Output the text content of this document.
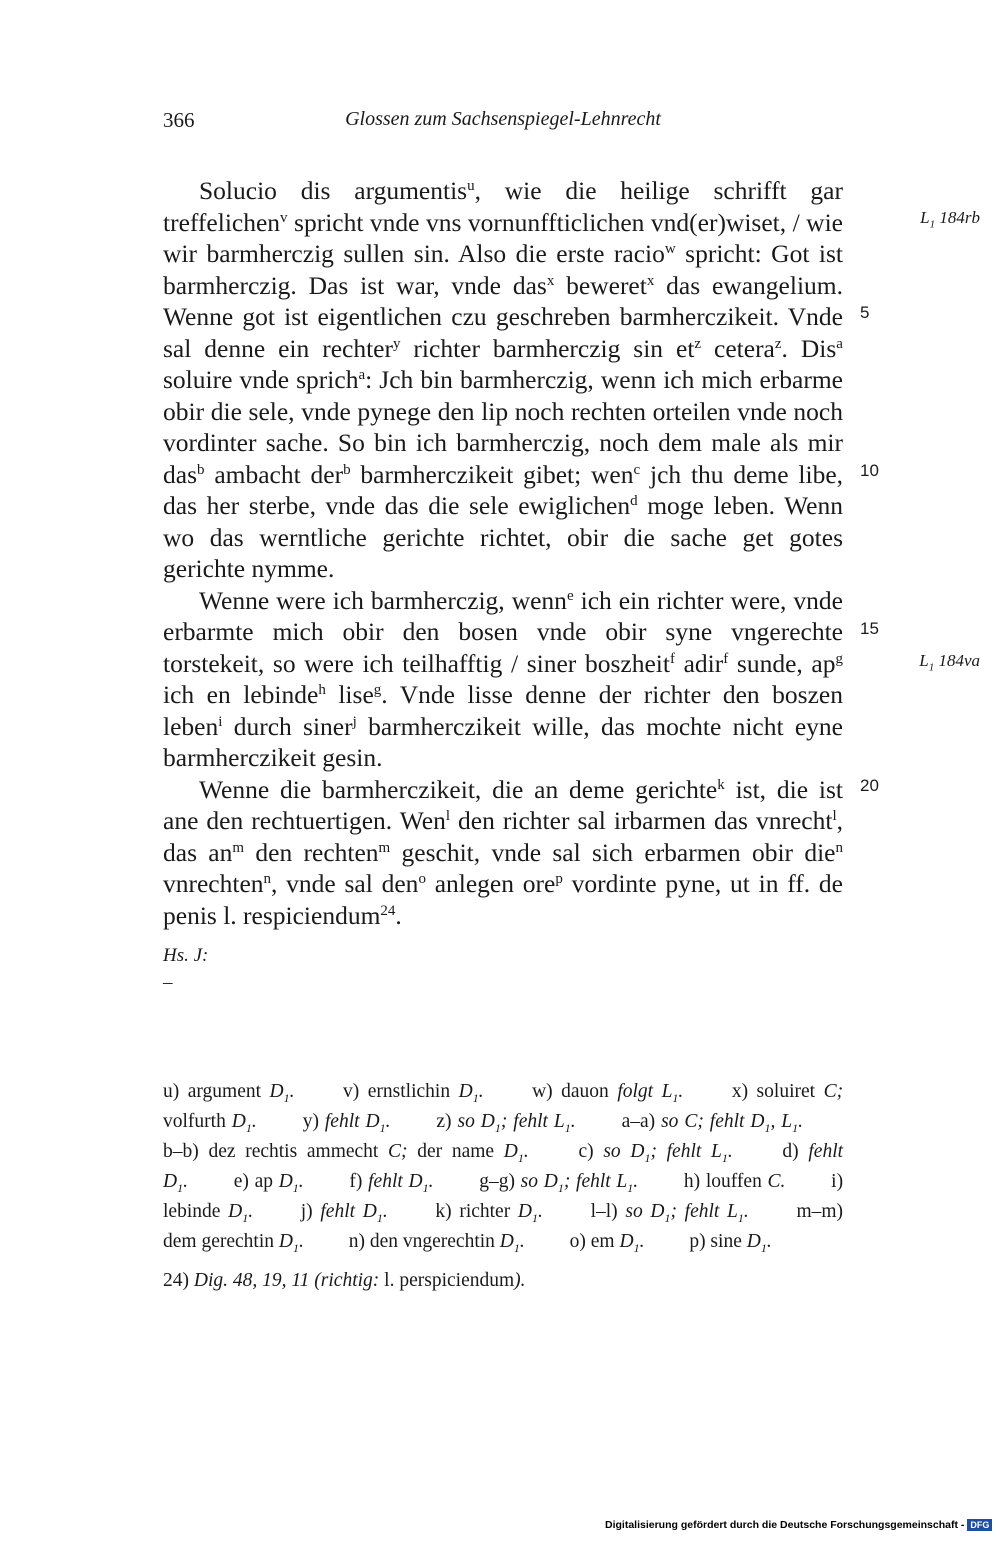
366	Glossen zum Sachsenspiegel-Lehnrecht

Solucio dis argumentis$^u$, wie die heilige schrifft gar treffelichen$^v$ spricht vnde vns vornunffticlichen vnd(er)wiset, / wie wir barmherczig sullen sin. Also die erste racio$^w$ spricht: Got ist barmherczig. Das ist war, vnde das$^x$ beweret$^x$ das ewangelium. Wenne got ist eigentlichen czu geschreben barmherczikeit. Vnde sal denne ein rechter$^y$ richter barmherczig $\sin et^z$ cetera$^z$. Dis$^a$ soluire vnde sprich$^a$: Jch bin barmherczig, wenn ich mich erbarme obir die sele, vnde pynege den lip noch rechten orteilen vnde noch vordinter sache. So bin ich barmherczig, noch dem male als mir das$^b$ ambacht der$^b$ barmherczikeit gibet; wen$^c$ jch thu deme libe, das her sterbe, vnde das die sele ewiglichen$^d$ moge leben. Wenn wo das werntliche gerichte richtet, obir die sache get gotes gerichte nymme.

Wenne were ich barmherczig, wenn$^e$ ich ein richter were, vnde erbarmte mich obir den bosen vnde obir syne vngerechte torstekeit, so were ich teilhafftig / siner boszheit$^f$ adir$^f$ sunde, $ap^g$ ich en lebinde$^h$ lise$^g$. Vnde lisse denne der richter den boszen leben$^i$ durch siner$^j$ barmherczikeit wille, das mochte nicht eyne barmherczikeit gesin.

Wenne die barmherczikeit, die an deme gerichte$^k$ ist, die ist ane den rechtuertigen. Wen$^l$ den richter sal irbarmen das vnrecht$^l$, das $an^m$ den rechten$^m$ geschit, vnde sal sich erbarmen obir die$^n$ vnrechten$^n$, vnde sal den$^o$ anlegen ore$^p$ vordinte pyne, ut in ff. de penis l. respiciendum$^{24}$.

$L_1$ 184rb
5
10
15
$L_1$ 184va
20
Hs. J:
–
u) argument $D_1$. v) ernstlichin $D_1$. w) dauon folgt $L_1$. x) soluiret C; volfurth $D_1$. y) fehlt $D_1$. z) so $D_1$; fehlt $L_1$. a–a) so C; fehlt $D_1$, $L_1$. b–b) dez rechtis ammecht C; der name $D_1$.	c) so $D_1$; fehlt $L_1$.	d) fehlt $D_1$. e) ap $D_1$. f) fehlt $D_1$. g–g) so $D_1$; fehlt $L_1$. h) louffen C. i) lebinde $D_1$. j) fehlt $D_1$. k) richter $D_1$. l–l) so $D_1$; fehlt $L_1$. m–m) dem gerechtin $D_1$. n) den vngerechtin $D_1$. o) em $D_1$. p) sine $D_1$.
24) Dig. 48, 19, 11 (richtig: l. perspiciendum).
Digitalisierung gefördert durch die Deutsche Forschungsgemeinschaft - DFG
